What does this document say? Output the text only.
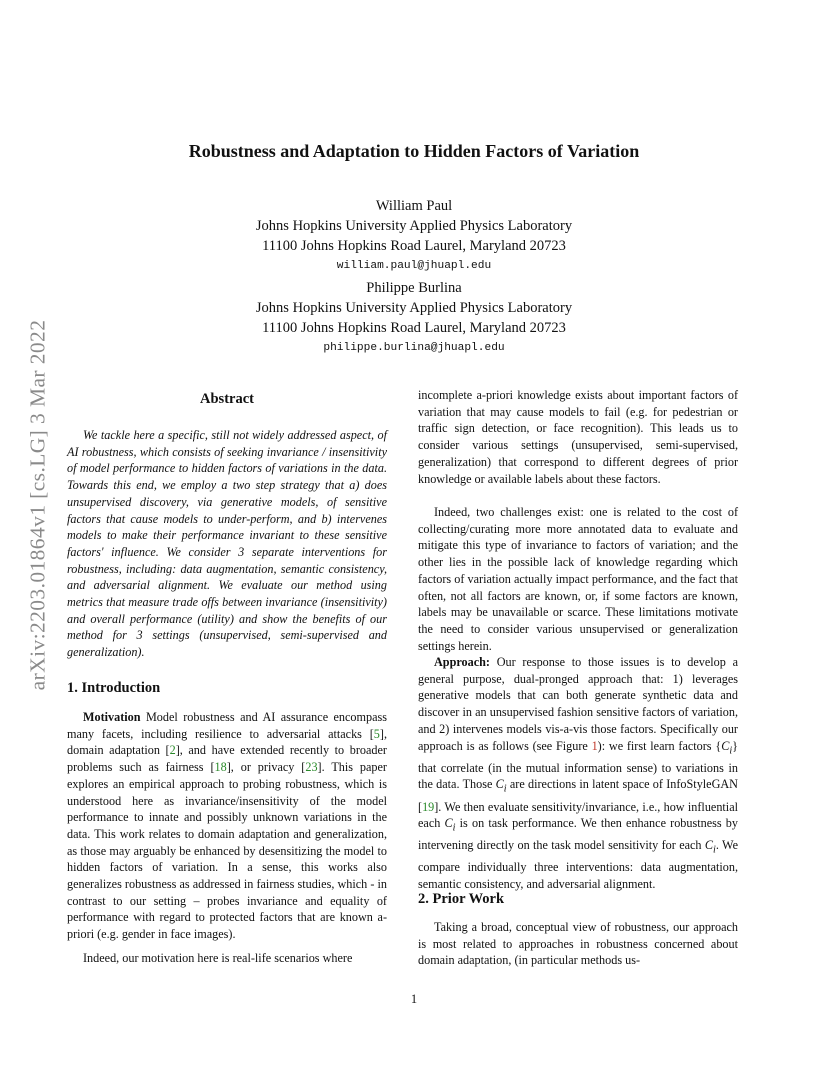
arXiv:2203.01864v1 [cs.LG] 3 Mar 2022
Robustness and Adaptation to Hidden Factors of Variation
William Paul
Johns Hopkins University Applied Physics Laboratory
11100 Johns Hopkins Road Laurel, Maryland 20723
william.paul@jhuapl.edu
Philippe Burlina
Johns Hopkins University Applied Physics Laboratory
11100 Johns Hopkins Road Laurel, Maryland 20723
philippe.burlina@jhuapl.edu
Abstract

We tackle here a specific, still not widely addressed aspect, of AI robustness, which consists of seeking invariance / insensitivity of model performance to hidden factors of variations in the data. Towards this end, we employ a two step strategy that a) does unsupervised discovery, via generative models, of sensitive factors that cause models to under-perform, and b) intervenes models to make their performance invariant to these sensitive factors' influence. We consider 3 separate interventions for robustness, including: data augmentation, semantic consistency, and adversarial alignment. We evaluate our method using metrics that measure trade offs between invariance (insensitivity) and overall performance (utility) and show the benefits of our method for 3 settings (unsupervised, semi-supervised and generalization).

1. Introduction

Motivation Model robustness and AI assurance encompass many facets, including resilience to adversarial attacks [5], domain adaptation [2], and have extended recently to broader problems such as fairness [18], or privacy [23]. This paper explores an empirical approach to probing robustness, which is understood here as invariance/insensitivity of the model performance to innate and possibly unknown variations in the data. This work relates to domain adaptation and generalization, as those may arguably be enhanced by desensitizing the model to hidden factors of variation. In a sense, this works also generalizes robustness as addressed in fairness studies, which - in contrast to our setting – probes invariance and equality of performance with regard to protected factors that are known a-priori (e.g. gender in face images).

Indeed, our motivation here is real-life scenarios where

Indeed, two challenges exist: one is related to the cost of collecting/curating more more annotated data to evaluate and mitigate this type of invariance to factors of variation; and the other lies in the possible lack of knowledge regarding which factors of variation actually impact performance, and the fact that often, not all factors are known, or, if some factors are known, labels may be unavailable or scarce. These limitations motivate the need to consider various unsupervised or generalization settings herein.

Approach: Our response to those issues is to develop a general purpose, dual-pronged approach that: 1) leverages generative models that can both generate synthetic data and discover in an unsupervised fashion sensitive factors of variation, and 2) intervenes models vis-a-vis those factors. Specifically our approach is as follows (see Figure 1): we first learn factors $\{C_i\}$ that correlate (in the mutual information sense) to variations in the data. Those $C_i$ are directions in latent space of InfoStyleGAN [19]. We then evaluate sensitivity/invariance, i.e., how influential each $C_i$ is on task performance. We then enhance robustness by intervening directly on the task model sensitivity for each $C_i$. We compare individually three interventions: data augmentation, semantic consistency, and adversarial alignment.

2. Prior Work

Taking a broad, conceptual view of robustness, our approach is most related to approaches in robustness concerned about domain adaptation, (in particular methods us-

1

incomplete a-priori knowledge exists about important factors of variation that may cause models to fail (e.g. for pedestrian or traffic sign detection, or face recognition). This leads us to consider various settings (unsupervised, semi-supervised, generalization) that correspond to different degrees of prior knowledge or available labels about these factors.
